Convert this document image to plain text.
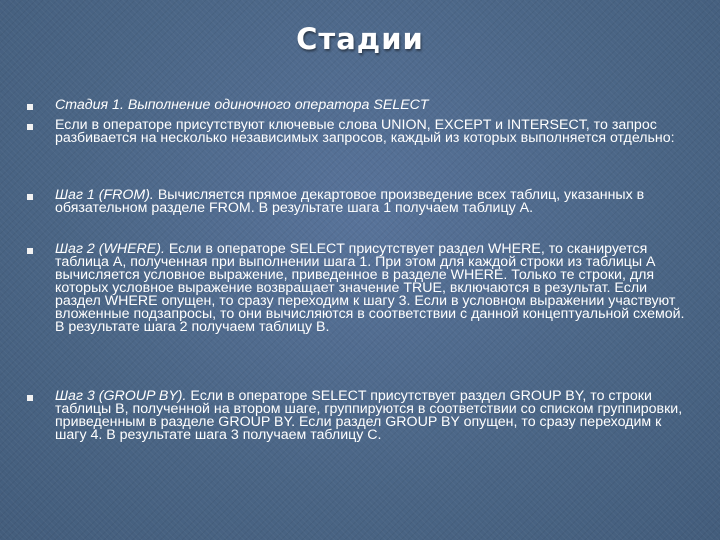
Стадии
Стадия 1. Выполнение одиночного оператора SELECT
Если в операторе присутствуют ключевые слова UNION, EXCEPT и INTERSECT, то запрос разбивается на несколько независимых запросов, каждый из которых выполняется отдельно:
Шаг 1 (FROM). Вычисляется прямое декартовое произведение всех таблиц, указанных в обязательном разделе FROM. В результате шага 1 получаем таблицу A.
Шаг 2 (WHERE). Если в операторе SELECT присутствует раздел WHERE, то сканируется таблица А, полученная при выполнении шага 1. При этом для каждой строки из таблицы A вычисляется условное выражение, приведенное в разделе WHERE. Только те строки, для которых условное выражение возвращает значение TRUE, включаются в результат. Если раздел WHERE опущен, то сразу переходим к шагу 3. Если в условном выражении участвуют вложенные подзапросы, то они вычисляются в соответствии с данной концептуальной схемой. В результате шага 2 получаем таблицу B.
Шаг 3 (GROUP BY). Если в операторе SELECT присутствует раздел GROUP BY, то строки таблицы B, полученной на втором шаге, группируются в соответствии со списком группировки, приведенным в разделе GROUP BY. Если раздел GROUP BY опущен, то сразу переходим к шагу 4. В результате шага 3 получаем таблицу C.
